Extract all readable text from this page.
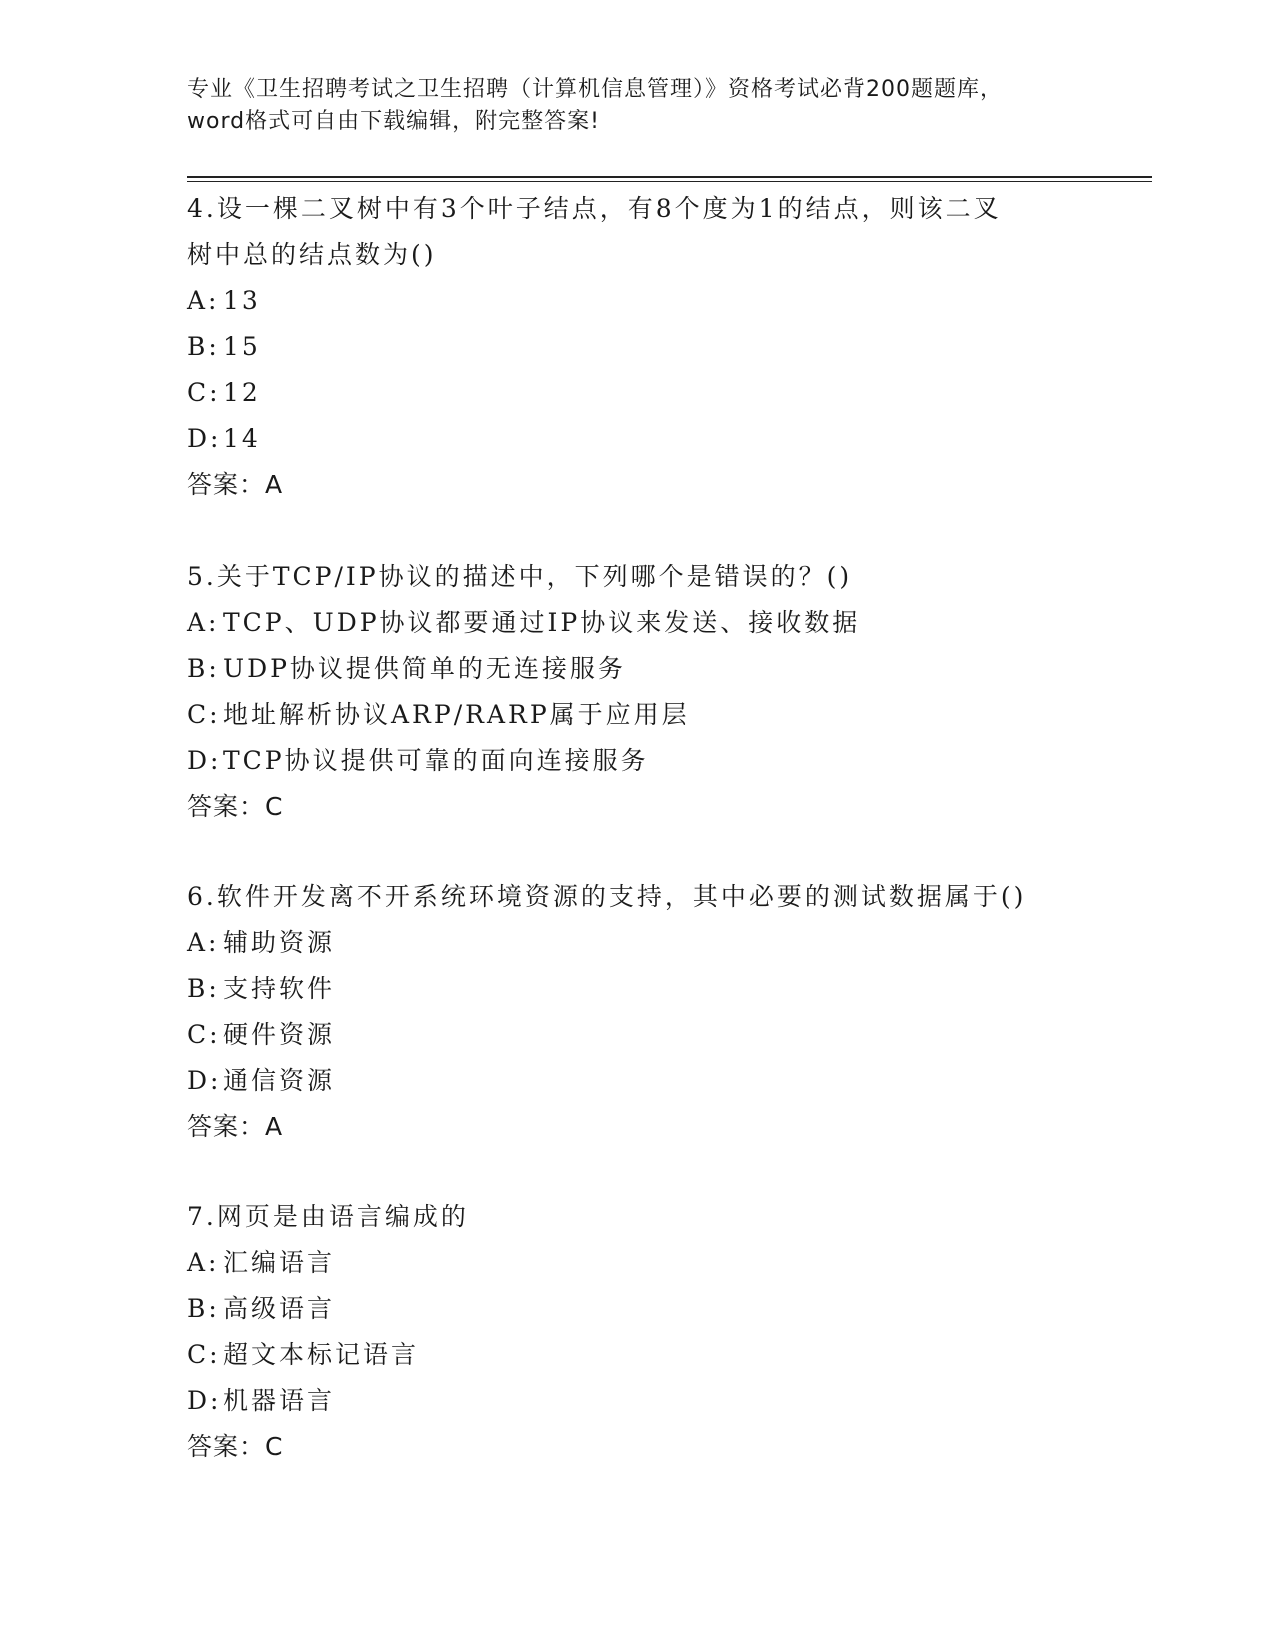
专业《卫生招聘考试之卫生招聘（计算机信息管理）》资格考试必背200题题库，
word格式可自由下载编辑，附完整答案!
4.设一棵二叉树中有3个叶子结点，有8个度为1的结点，则该二叉
树中总的结点数为()
A: 13
B: 15
C:12
D:14
答案：A
5.关于TCP/IP协议的描述中，下列哪个是错误的？()
A: TCP、UDP协议都要通过IP协议来发送、接收数据
B: UDP协议提供简单的无连接服务
C:地址解析协议ARP/RARP属于应用层
D:TCP协议提供可靠的面向连接服务
答案：C
6.软件开发离不开系统环境资源的支持，其中必要的测试数据属于()
A: 辅助资源
B: 支持软件
C:硬件资源
D:通信资源
答案：A
7.网页是由语言编成的
A: 汇编语言
B: 高级语言
C:超文本标记语言
D:机器语言
答案：C
